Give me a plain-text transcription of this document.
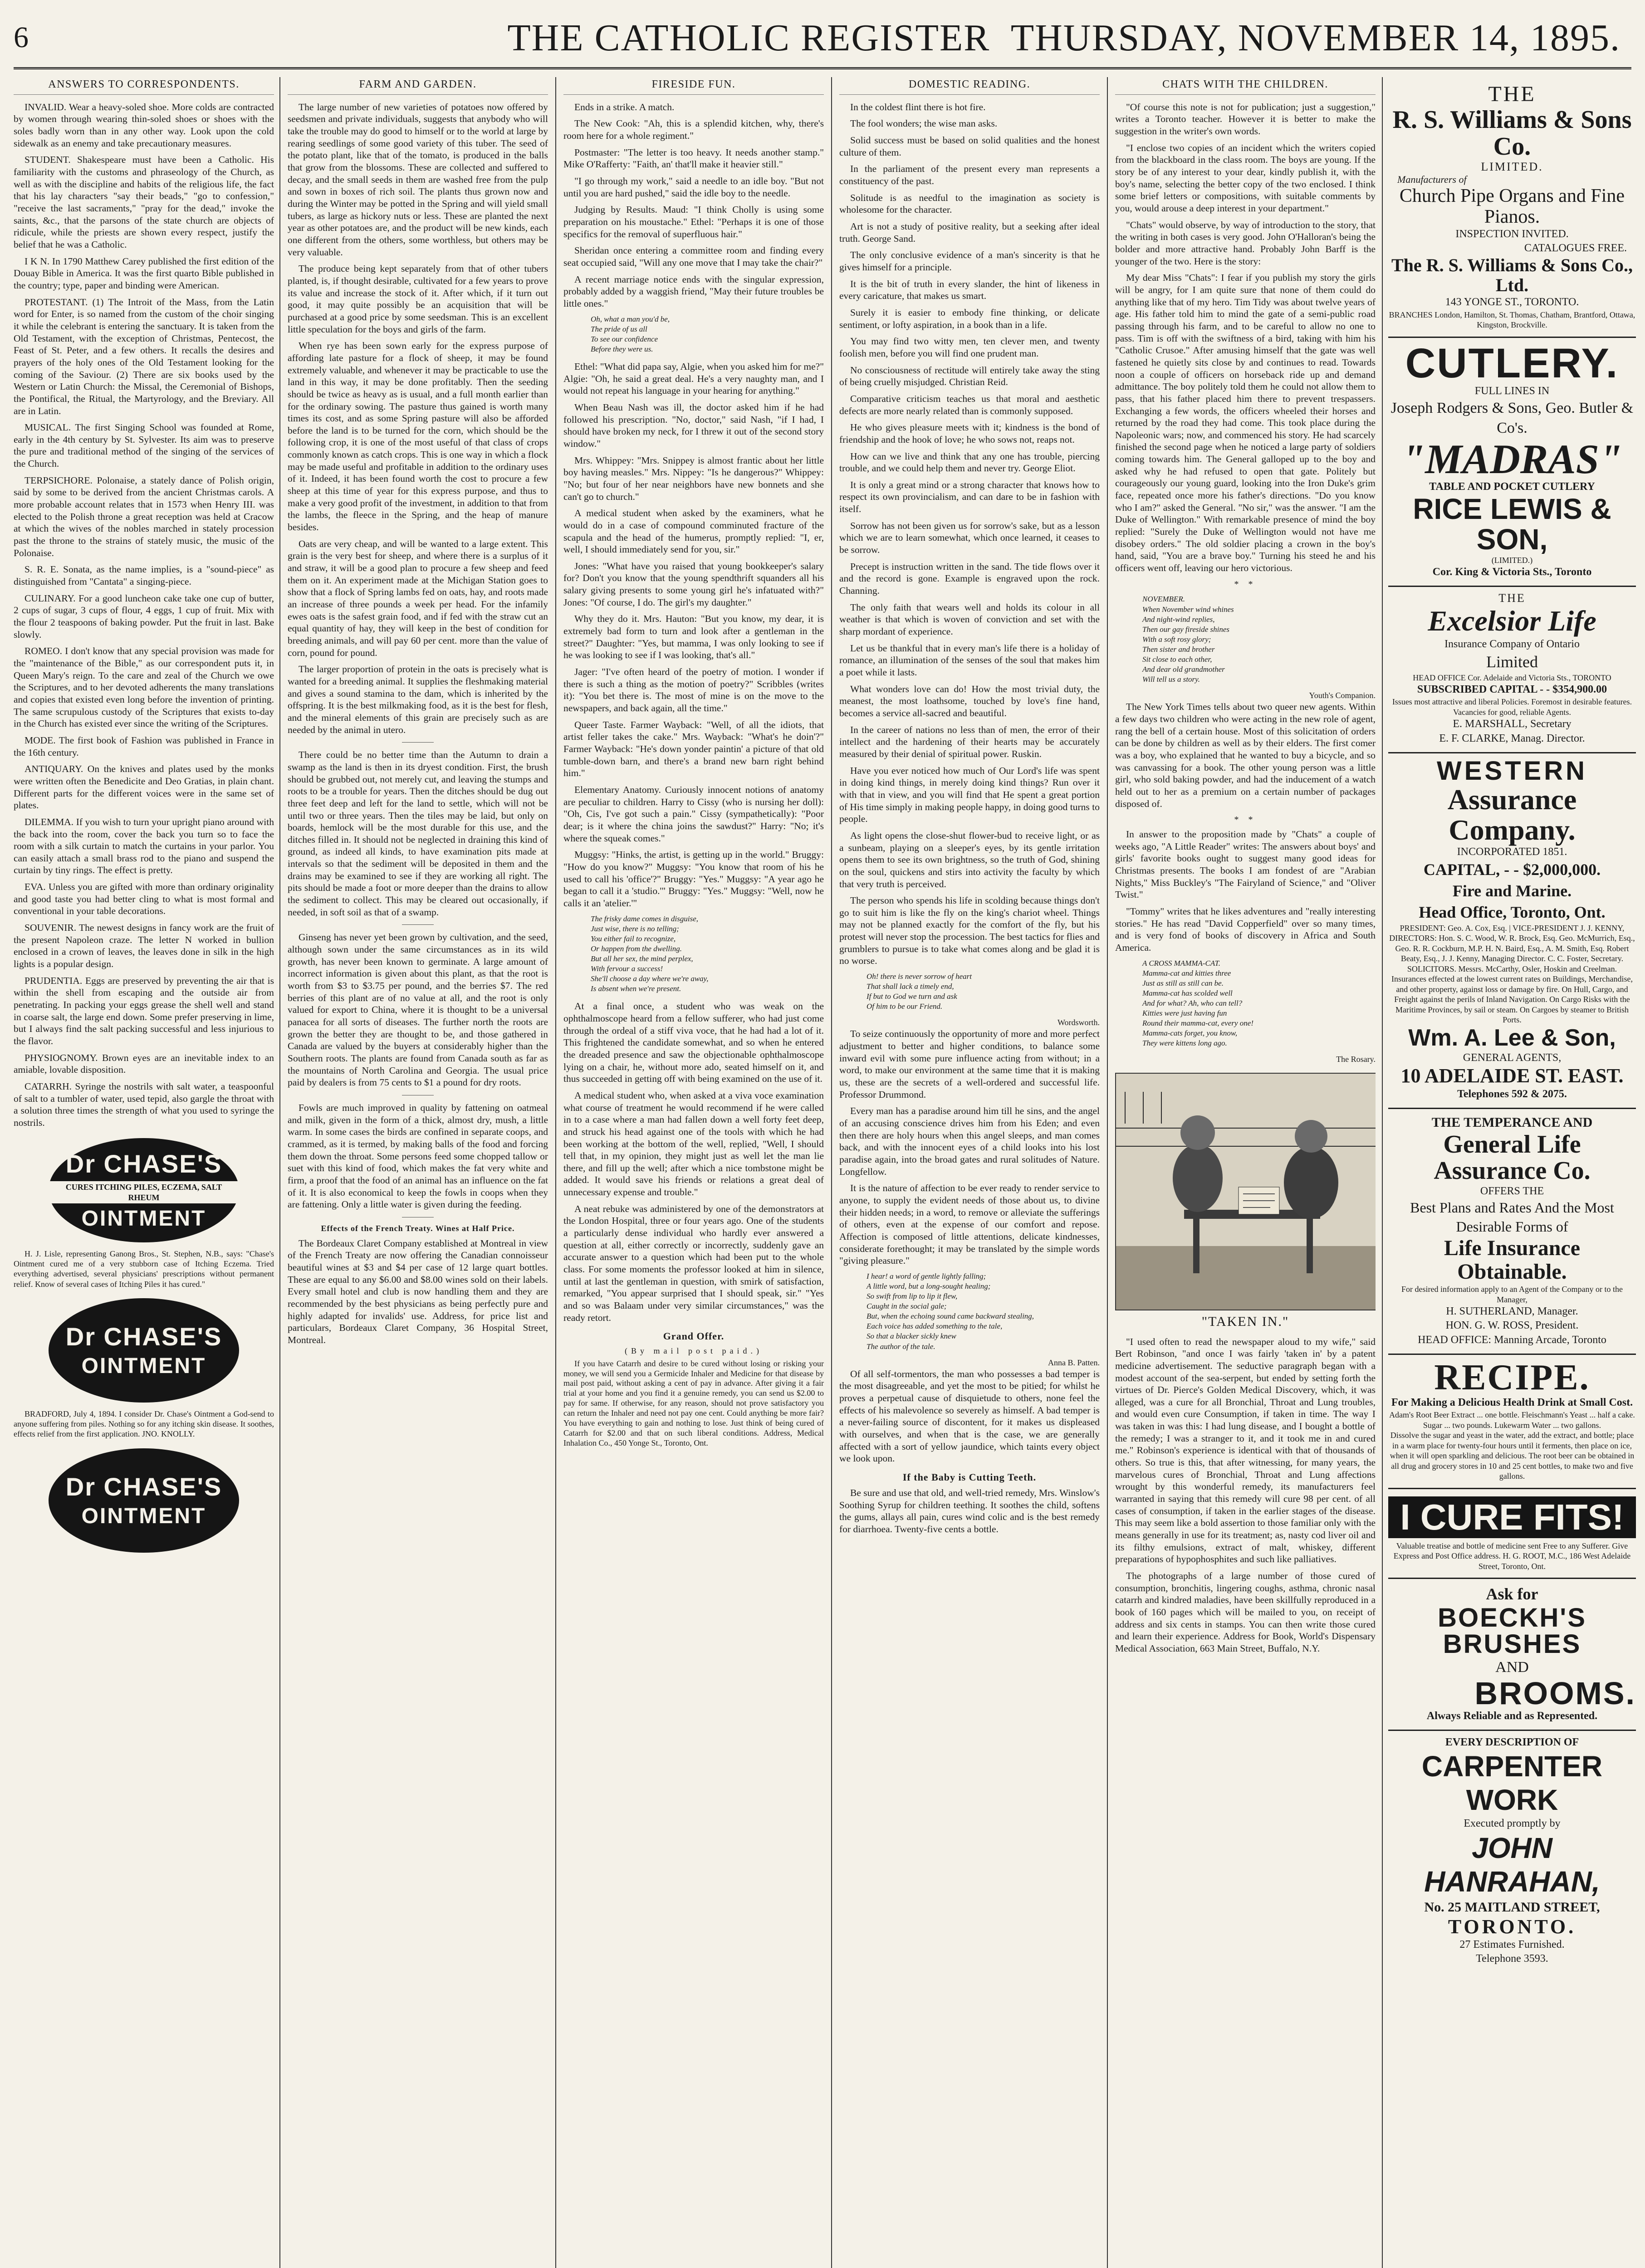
6	THE CATHOLIC REGISTER THURSDAY, NOVEMBER 14, 1895.
ANSWERS TO CORRESPONDENTS.

INVALID. Wear a heavy-soled shoe. More colds are contracted by women through wearing thin-soled shoes or shoes with the soles badly worn than in any other way. Look upon the cold sidewalk as an enemy and take precautionary measures.

STUDENT. Shakespeare must have been a Catholic. His familiarity with the customs and phraseology of the Church, as well as with the discipline and habits of the religious life, the fact that his lay characters "say their beads," "go to confession," "receive the last sacraments," "pray for the dead," invoke the saints, &c., that the parsons of the state church are objects of ridicule, while the priests are shown every respect, justify the belief that he was a Catholic.

I K N. In 1790 Matthew Carey published the first edition of the Douay Bible in America. It was the first quarto Bible published in the country; type, paper and binding were American.

PROTESTANT. (1) The Introit of the Mass, from the Latin word for Enter, is so named from the custom of the choir singing it while the celebrant is entering the sanctuary. It is taken from the Old Testament, with the exception of Christmas, Pentecost, the Feast of St. Peter, and a few others. It recalls the desires and prayers of the holy ones of the Old Testament looking for the coming of the Saviour. (2) There are six books used by the Western or Latin Church: the Missal, the Ceremonial of Bishops, the Pontifical, the Ritual, the Martyrology, and the Breviary. All are in Latin.

MUSICAL. The first Singing School was founded at Rome, early in the 4th century by St. Sylvester. Its aim was to preserve the pure and traditional method of the singing of the services of the Church.

TERPSICHORE. Polonaise, a stately dance of Polish origin, said by some to be derived from the ancient Christmas carols. A more probable account relates that in 1573 when Henry III. was elected to the Polish throne a great reception was held at Cracow at which the wives of the nobles marched in stately procession past the throne to the strains of stately music, the music of the Polonaise.

S. R. E. Sonata, as the name implies, is a "sound-piece" as distinguished from "Cantata" a singing-piece.

CULINARY. For a good luncheon cake take one cup of butter, 2 cups of sugar, 3 cups of flour, 4 eggs, 1 cup of fruit. Mix with the flour 2 teaspoons of baking powder. Put the fruit in last. Bake slowly.

ROMEO. I don't know that any special provision was made for the "maintenance of the Bible," as our correspondent puts it, in Queen Mary's reign. To the care and zeal of the Church we owe the Scriptures, and to her devoted adherents the many translations and copies that existed even long before the invention of printing. The same scrupulous custody of the Scriptures that exists to-day in the Church has existed ever since the writing of the Scriptures.

MODE. The first book of Fashion was published in France in the 16th century.

ANTIQUARY. On the knives and plates used by the monks were written often the Benedicite and Deo Gratias, in plain chant. Different parts for the different voices were in the same set of plates.

DILEMMA. If you wish to turn your upright piano around with the back into the room, cover the back you turn so to face the room with a silk curtain to match the curtains in your parlor. You can easily attach a small brass rod to the piano and suspend the curtain by tiny rings. The effect is pretty.

EVA. Unless you are gifted with more than ordinary originality and good taste you had better cling to what is most formal and conventional in your table decorations.

SOUVENIR. The newest designs in fancy work are the fruit of the present Napoleon craze. The letter N worked in bullion enclosed in a crown of leaves, the leaves done in silk in the high lights is a popular design.

PRUDENTIA. Eggs are preserved by preventing the air that is within the shell from escaping and the outside air from penetrating. In packing your eggs grease the shell well and stand in coarse salt, the large end down. Some prefer preserving in lime, but I always find the salt packing successful and less injurious to the flavor.

PHYSIOGNOMY. Brown eyes are an inevitable index to an amiable, lovable disposition.

CATARRH. Syringe the nostrils with salt water, a teaspoonful of salt to a tumbler of water, used tepid, also gargle the throat with a solution three times the strength of what you used to syringe the nostrils.

Dr CHASE'S
CURES ITCHING PILES, ECZEMA, SALT RHEUM
OINTMENT

H. J. Lisle, representing Ganong Bros., St. Stephen, N.B., says: "Chase's Ointment cured me of a very stubborn case of Itching Eczema. Tried everything advertised, several physicians' prescriptions without permanent relief. Know of several cases of Itching Piles it has cured."

Dr CHASE'S
OINTMENT

BRADFORD, July 4, 1894. I consider Dr. Chase's Ointment a God-send to anyone suffering from piles. Nothing so for any itching skin disease. It soothes, effects relief from the first application. JNO. KNOLLY.

Dr CHASE'S
OINTMENT
FARM AND GARDEN.

The large number of new varieties of potatoes now offered by seedsmen and private individuals, suggests that anybody who will take the trouble may do good to himself or to the world at large by rearing seedlings of some good variety of this tuber. The seed of the potato plant, like that of the tomato, is produced in the balls that grow from the blossoms. These are collected and suffered to decay, and the small seeds in them are washed free from the pulp and sown in boxes of rich soil. The plants thus grown now and during the Winter may be potted in the Spring and will yield small tubers, as large as hickory nuts or less. These are planted the next year as other potatoes are, and the product will be new kinds, each one different from the others, some worthless, but others may be very valuable.

The produce being kept separately from that of other tubers planted, is, if thought desirable, cultivated for a few years to prove its value and increase the stock of it. After which, if it turn out good, it may quite possibly be an acquisition that will be purchased at a good price by some seedsman. This is an excellent little speculation for the boys and girls of the farm.

When rye has been sown early for the express purpose of affording late pasture for a flock of sheep, it may be found extremely valuable, and whenever it may be practicable to use the land in this way, it may be done profitably. Then the seeding should be twice as heavy as is usual, and a full month earlier than for the ordinary sowing. The pasture thus gained is worth many times its cost, and as some Spring pasture will also be afforded before the land is to be turned for the corn, which should be the following crop, it is one of the most useful of that class of crops commonly known as catch crops. This is one way in which a flock may be made useful and profitable in addition to the ordinary uses of it. Indeed, it has been found worth the cost to procure a few sheep at this time of year for this express purpose, and thus to make a very good profit of the investment, in addition to that from the lambs, the fleece in the Spring, and the heap of manure besides.

Oats are very cheap, and will be wanted to a large extent. This grain is the very best for sheep, and where there is a surplus of it and straw, it will be a good plan to procure a few sheep and feed them on it. An experiment made at the Michigan Station goes to show that a flock of Spring lambs fed on oats, hay, and roots made an increase of three pounds a week per head. For the infamily ewes oats is the safest grain food, and if fed with the straw cut an equal quantity of hay, they will keep in the best of condition for breeding animals, and will pay 60 per cent. more than the value of corn, pound for pound.

The larger proportion of protein in the oats is precisely what is wanted for a breeding animal. It supplies the fleshmaking material and gives a sound stamina to the dam, which is inherited by the offspring. It is the best milkmaking food, as it is the best for flesh, and the mineral elements of this grain are precisely such as are needed by the animal in utero.

There could be no better time than the Autumn to drain a swamp as the land is then in its dryest condition. First, the brush should be grubbed out, not merely cut, and leaving the stumps and roots to be a trouble for years. Then the ditches should be dug out three feet deep and left for the land to settle, which will not be until two or three years. Then the tiles may be laid, but only on boards, hemlock will be the most durable for this use, and the ditches filled in. It should not be neglected in draining this kind of ground, as indeed all kinds, to have examination pits made at intervals so that the sediment will be deposited in them and the drains may be examined to see if they are working all right. The pits should be made a foot or more deeper than the drains to allow the sediment to collect. This may be cleared out occasionally, if needed, in soft soil as that of a swamp.

Ginseng has never yet been grown by cultivation, and the seed, although sown under the same circumstances as in its wild growth, has never been known to germinate. A large amount of incorrect information is given about this plant, as that the root is worth from $3 to $3.75 per pound, and the berries $7. The red berries of this plant are of no value at all, and the root is only valued for export to China, where it is thought to be a universal panacea for all sorts of diseases. The further north the roots are grown the better they are thought to be, and those gathered in Canada are valued by the buyers at considerably higher than the Southern roots. The plants are found from Canada south as far as the mountains of North Carolina and Georgia. The usual price paid by dealers is from 75 cents to $1 a pound for dry roots.

Fowls are much improved in quality by fattening on oatmeal and milk, given in the form of a thick, almost dry, mush, a little warm. In some cases the birds are confined in separate coops, and crammed, as it is termed, by making balls of the food and forcing them down the throat. Some persons feed some chopped tallow or suet with this kind of food, which makes the fat very white and firm, a proof that the food of an animal has an influence on the fat of it. It is also economical to keep the fowls in coops when they are fattening. Only a little water is given during the feeding.

Effects of the French Treaty. Wines at Half Price.

The Bordeaux Claret Company established at Montreal in view of the French Treaty are now offering the Canadian connoisseur beautiful wines at $3 and $4 per case of 12 large quart bottles. These are equal to any $6.00 and $8.00 wines sold on their labels. Every small hotel and club is now handling them and they are recommended by the best physicians as being perfectly pure and highly adapted for invalids' use. Address, for price list and particulars, Bordeaux Claret Company, 36 Hospital Street, Montreal.

FIRESIDE FUN.

Ends in a strike. A match.

The New Cook: "Ah, this is a splendid kitchen, why, there's room here for a whole regiment."

Postmaster: "The letter is too heavy. It needs another stamp." Mike O'Rafferty: "Faith, an' that'll make it heavier still."

"I go through my work," said a needle to an idle boy. "But not until you are hard pushed," said the idle boy to the needle.

Judging by Results. Maud: "I think Cholly is using some preparation on his moustache." Ethel: "Perhaps it is one of those specifics for the removal of superfluous hair."

Sheridan once entering a committee room and finding every seat occupied said, "Will any one move that I may take the chair?"

A recent marriage notice ends with the singular expression, probably added by a waggish friend, "May their future troubles be little ones."

Oh, what a man you'd be,
The pride of us all
To see our confidence
Before they were us.

Ethel: "What did papa say, Algie, when you asked him for me?" Algie: "Oh, he said a great deal. He's a very naughty man, and I would not repeat his language in your hearing for anything."

When Beau Nash was ill, the doctor asked him if he had followed his prescription. "No, doctor," said Nash, "if I had, I should have broken my neck, for I threw it out of the second story window."

Mrs. Whippey: "Mrs. Snippey is almost frantic about her little boy having measles." Mrs. Nippey: "Is he dangerous?" Whippey: "No; but four of her near neighbors have new bonnets and she can't go to church."

A medical student when asked by the examiners, what he would do in a case of compound comminuted fracture of the scapula and the head of the humerus, promptly replied: "I, er, well, I should immediately send for you, sir."

Jones: "What have you raised that young bookkeeper's salary for? Don't you know that the young spendthrift squanders all his salary giving presents to some young girl he's infatuated with?" Jones: "Of course, I do. The girl's my daughter."

Why they do it. Mrs. Hauton: "But you know, my dear, it is extremely bad form to turn and look after a gentleman in the street?" Daughter: "Yes, but mamma, I was only looking to see if he was looking to see if I was looking, that's all."

Jager: "I've often heard of the poetry of motion. I wonder if there is such a thing as the motion of poetry?" Scribbles (writes it): "You bet there is. The most of mine is on the move to the newspapers, and back again, all the time."

Queer Taste. Farmer Wayback: "Well, of all the idiots, that artist feller takes the cake." Mrs. Wayback: "What's he doin'?" Farmer Wayback: "He's down yonder paintin' a picture of that old tumble-down barn, and there's a brand new barn right behind him."

Elementary Anatomy. Curiously innocent notions of anatomy are peculiar to children. Harry to Cissy (who is nursing her doll): "Oh, Cis, I've got such a pain." Cissy (sympathetically): "Poor dear; is it where the china joins the sawdust?" Harry: "No; it's where the squeak comes."

Muggsy: "Hinks, the artist, is getting up in the world." Bruggy: "How do you know?" Muggsy: "You know that room of his he used to call his 'office'?" Bruggy: "Yes." Muggsy: "A year ago he began to call it a 'studio.'" Bruggy: "Yes." Muggsy: "Well, now he calls it an 'atelier.'"

The frisky dame comes in disguise,
Just wise, there is no telling;
You either fail to recognize,
Or happen from the dwelling.
But all her sex, the mind perplex,
With fervour a success!
She'll choose a day where we're away,
Is absent when we're present.

At a final once, a student who was weak on the ophthalmoscope heard from a fellow sufferer, who had just come through the ordeal of a stiff viva voce, that he had had a lot of it. This frightened the candidate somewhat, and so when he entered the dreaded presence and saw the objectionable ophthalmoscope lying on a chair, he, without more ado, seated himself on it, and thus succeeded in getting off with being examined on the use of it.

A medical student who, when asked at a viva voce examination what course of treatment he would recommend if he were called in to a case where a man had fallen down a well forty feet deep, and struck his head against one of the tools with which he had been working at the bottom of the well, replied, "Well, I should tell that, in my opinion, they might just as well let the man lie there, and fill up the well; after which a nice tombstone might be added. It would save his friends or relations a great deal of unnecessary expense and trouble."

A neat rebuke was administered by one of the demonstrators at the London Hospital, three or four years ago. One of the students a particularly dense individual who hardly ever answered a question at all, either correctly or incorrectly, suddenly gave an accurate answer to a question which had been put to the whole class. For some moments the professor looked at him in silence, until at last the gentleman in question, with smirk of satisfaction, remarked, "You appear surprised that I should speak, sir." "Yes and so was Balaam under very similar circumstances," was the ready retort.

Grand Offer.
(By mail post paid.)

If you have Catarrh and desire to be cured without losing or risking your money, we will send you a Germicide Inhaler and Medicine for that disease by mail post paid, without asking a cent of pay in advance. After giving it a fair trial at your home and you find it a genuine remedy, you can send us $2.00 to pay for same. If otherwise, for any reason, should not prove satisfactory you can return the Inhaler and need not pay one cent. Could anything be more fair? You have everything to gain and nothing to lose. Just think of being cured of Catarrh for $2.00 and that on such liberal conditions. Address, Medical Inhalation Co., 450 Yonge St., Toronto, Ont.

DOMESTIC READING.

In the coldest flint there is hot fire.

The fool wonders; the wise man asks.

Solid success must be based on solid qualities and the honest culture of them.

In the parliament of the present every man represents a constituency of the past.

Solitude is as needful to the imagination as society is wholesome for the character.

Art is not a study of positive reality, but a seeking after ideal truth. George Sand.

The only conclusive evidence of a man's sincerity is that he gives himself for a principle.

It is the bit of truth in every slander, the hint of likeness in every caricature, that makes us smart.

Surely it is easier to embody fine thinking, or delicate sentiment, or lofty aspiration, in a book than in a life.

You may find two witty men, ten clever men, and twenty foolish men, before you will find one prudent man.

No consciousness of rectitude will entirely take away the sting of being cruelly misjudged. Christian Reid.

Comparative criticism teaches us that moral and aesthetic defects are more nearly related than is commonly supposed.

He who gives pleasure meets with it; kindness is the bond of friendship and the hook of love; he who sows not, reaps not.

How can we live and think that any one has trouble, piercing trouble, and we could help them and never try. George Eliot.

It is only a great mind or a strong character that knows how to respect its own provincialism, and can dare to be in fashion with itself.

Sorrow has not been given us for sorrow's sake, but as a lesson which we are to learn somewhat, which once learned, it ceases to be sorrow.

Precept is instruction written in the sand. The tide flows over it and the record is gone. Example is engraved upon the rock. Channing.

The only faith that wears well and holds its colour in all weather is that which is woven of conviction and set with the sharp mordant of experience.

Let us be thankful that in every man's life there is a holiday of romance, an illumination of the senses of the soul that makes him a poet while it lasts.

What wonders love can do! How the most trivial duty, the meanest, the most loathsome, touched by love's fine hand, becomes a service all-sacred and beautiful.

In the career of nations no less than of men, the error of their intellect and the hardening of their hearts may be accurately measured by their denial of spiritual power. Ruskin.

Have you ever noticed how much of Our Lord's life was spent in doing kind things, in merely doing kind things? Run over it with that in view, and you will find that He spent a great portion of His time simply in making people happy, in doing good turns to people.

As light opens the close-shut flower-bud to receive light, or as a sunbeam, playing on a sleeper's eyes, by its gentle irritation opens them to see its own brightness, so the truth of God, shining on the soul, quickens and stirs into activity the faculty by which that very truth is perceived.

The person who spends his life in scolding because things don't go to suit him is like the fly on the king's chariot wheel. Things may not be planned exactly for the comfort of the fly, but his protest will never stop the procession. The best tactics for flies and grumblers to pursue is to take what comes along and be glad it is no worse.

Oh! there is never sorrow of heart
That shall lack a timely end,
If but to God we turn and ask
Of him to be our Friend.
Wordsworth.

To seize continuously the opportunity of more and more perfect adjustment to better and higher conditions, to balance some inward evil with some pure influence acting from without; in a word, to make our environment at the same time that it is making us, these are the secrets of a well-ordered and successful life. Professor Drummond.

Every man has a paradise around him till he sins, and the angel of an accusing conscience drives him from his Eden; and even then there are holy hours when this angel sleeps, and man comes back, and with the innocent eyes of a child looks into his lost paradise again, into the broad gates and rural solitudes of Nature. Longfellow.

It is the nature of affection to be ever ready to render service to anyone, to supply the evident needs of those about us, to divine their hidden needs; in a word, to remove or alleviate the sufferings of others, even at the expense of our comfort and repose. Affection is composed of little attentions, delicate kindnesses, considerate forethought; it may be translated by the simple words "giving pleasure."

I hear! a word of gentle lightly falling;
A little word, but a long-sought healing;
So swift from lip to lip it flew,
Caught in the social gale;
But, when the echoing sound came backward stealing,
Each voice has added something to the tale,
So that a blacker sickly knew
The author of the tale.
Anna B. Patten.

Of all self-tormentors, the man who possesses a bad temper is the most disagreeable, and yet the most to be pitied; for whilst he proves a perpetual cause of disquietude to others, none feel the effects of his malevolence so severely as himself. A bad temper is a never-failing source of discontent, for it makes us displeased with ourselves, and when that is the case, we are generally affected with a sort of yellow jaundice, which taints every object we look upon.

If the Baby is Cutting Teeth.

Be sure and use that old, and well-tried remedy, Mrs. Winslow's Soothing Syrup for children teething. It soothes the child, softens the gums, allays all pain, cures wind colic and is the best remedy for diarrhoea. Twenty-five cents a bottle.

CHATS WITH THE CHILDREN.

"Of course this note is not for publication; just a suggestion," writes a Toronto teacher. However it is better to make the suggestion in the writer's own words.

"I enclose two copies of an incident which the writers copied from the blackboard in the class room. The boys are young. If the story be of any interest to your dear, kindly publish it, with the boy's name, selecting the better copy of the two enclosed. I think some brief letters or compositions, with suitable comments by you, would arouse a deep interest in your department."

"Chats" would observe, by way of introduction to the story, that the writing in both cases is very good. John O'Halloran's being the bolder and more attractive hand. Probably John Barff is the younger of the two. Here is the story:

My dear Miss "Chats": I fear if you publish my story the girls will be angry, for I am quite sure that none of them could do anything like that of my hero. Tim Tidy was about twelve years of age. His father told him to mind the gate of a semi-public road passing through his farm, and to be careful to allow no one to pass. Tim is off with the swiftness of a bird, taking with him his "Catholic Crusoe." After amusing himself that the gate was well fastened he quietly sits close by and continues to read. Towards noon a couple of officers on horseback ride up and demand admittance. The boy politely told them he could not allow them to pass, that his father placed him there to prevent trespassers. Exchanging a few words, the officers wheeled their horses and returned by the road they had come. This took place during the Napoleonic wars; now, and commenced his story. He had scarcely finished the second page when he noticed a large party of soldiers coming towards him. The General galloped up to the boy and asked why he had refused to open that gate. Politely but courageously our young guard, looking into the Iron Duke's grim face, repeated once more his father's directions. "Do you know who I am?" asked the General. "No sir," was the answer. "I am the Duke of Wellington." With remarkable presence of mind the boy replied: "Surely the Duke of Wellington would not have me disobey orders." The old soldier placing a crown in the boy's hand, said, "You are a brave boy." Turning his steed he and his officers went off, leaving our hero victorious.

* *
NOVEMBER.
When November wind whines
And night-wind replies,
Then our gay fireside shines
With a soft rosy glory;
Then sister and brother
Sit close to each other,
And dear old grandmother
Will tell us a story.
Youth's Companion.

The New York Times tells about two queer new agents. Within a few days two children who were acting in the new role of agent, rang the bell of a certain house. Most of this solicitation of orders can be done by children as well as by their elders. The first comer was a boy, who explained that he wanted to buy a bicycle, and so was canvassing for a book. The other young person was a little girl, who sold baking powder, and had the inducement of a watch held out to her as a premium on a certain number of packages disposed of.

* *

In answer to the proposition made by "Chats" a couple of weeks ago, "A Little Reader" writes: The answers about boys' and girls' favorite books ought to suggest many good ideas for Christmas presents. The books I am fondest of are "Arabian Nights," Miss Buckley's "The Fairyland of Science," and "Oliver Twist."

"Tommy" writes that he likes adventures and "really interesting stories." He has read "David Copperfield" over so many times, and is very fond of books of discovery in Africa and South America.

A CROSS MAMMA-CAT.
Mamma-cat and kitties three
Just as still as still can be.
Mamma-cat has scolded well
And for what? Ah, who can tell?
Kitties were just having fun
Round their mamma-cat, every one!
Mamma-cats forget, you know,
They were kittens long ago.
The Rosary.
"TAKEN IN."

"I used often to read the newspaper aloud to my wife," said Bert Robinson, "and once I was fairly 'taken in' by a patent medicine advertisement. The seductive paragraph began with a modest account of the sea-serpent, but ended by setting forth the virtues of Dr. Pierce's Golden Medical Discovery, which, it was alleged, was a cure for all Bronchial, Throat and Lung troubles, and would even cure Consumption, if taken in time. The way I was taken in was this: I had lung disease, and I bought a bottle of the remedy; I was a stranger to it, and it took me in and cured me." Robinson's experience is identical with that of thousands of others. So true is this, that after witnessing, for many years, the marvelous cures of Bronchial, Throat and Lung affections wrought by this wonderful remedy, its manufacturers feel warranted in saying that this remedy will cure 98 per cent. of all cases of consumption, if taken in the earlier stages of the disease. This may seem like a bold assertion to those familiar only with the means generally in use for its treatment; as, nasty cod liver oil and its filthy emulsions, extract of malt, whiskey, different preparations of hypophosphites and such like palliatives.

The photographs of a large number of those cured of consumption, bronchitis, lingering coughs, asthma, chronic nasal catarrh and kindred maladies, have been skillfully reproduced in a book of 160 pages which will be mailed to you, on receipt of address and six cents in stamps. You can then write those cured and learn their experience. Address for Book, World's Dispensary Medical Association, 663 Main Street, Buffalo, N.Y.

THE
R. S. Williams & Sons Co.
LIMITED.
Manufacturers of
Church Pipe Organs and Fine Pianos.
INSPECTION INVITED.
CATALOGUES FREE.
The R. S. Williams & Sons Co., Ltd.
143 YONGE ST., TORONTO.
BRANCHES London, Hamilton, St. Thomas, Chatham, Brantford, Ottawa, Kingston, Brockville.
CUTLERY.
FULL LINES IN
Joseph Rodgers & Sons, Geo. Butler & Co's.
"MADRAS"
TABLE AND POCKET CUTLERY
RICE LEWIS & SON,
(LIMITED.)
Cor. King & Victoria Sts., Toronto
THE
Excelsior Life
Insurance Company of Ontario
Limited
HEAD OFFICE Cor. Adelaide and Victoria Sts., TORONTO
SUBSCRIBED CAPITAL - - $354,900.00
Issues most attractive and liberal Policies. Foremost in desirable features. Vacancies for good, reliable Agents.
E. MARSHALL, Secretary
E. F. CLARKE, Manag. Director.
WESTERN
Assurance Company.
INCORPORATED 1851.
CAPITAL, - - $2,000,000.
Fire and Marine.
Head Office, Toronto, Ont.
PRESIDENT: Geo. A. Cox, Esq. | VICE-PRESIDENT J. J. KENNY,
DIRECTORS: Hon. S. C. Wood, W. R. Brock, Esq. Geo. McMurrich, Esq., Geo. R. R. Cockburn, M.P. H. N. Baird, Esq., A. M. Smith, Esq. Robert Beaty, Esq., J. J. Kenny, Managing Director. C. C. Foster, Secretary.
SOLICITORS. Messrs. McCarthy, Osler, Hoskin and Creelman.
Insurances effected at the lowest current rates on Buildings, Merchandise, and other property, against loss or damage by fire. On Hull, Cargo, and Freight against the perils of Inland Navigation. On Cargo Risks with the Maritime Provinces, by sail or steam. On Cargoes by steamer to British Ports.
Wm. A. Lee & Son,
GENERAL AGENTS,
10 ADELAIDE ST. EAST.
Telephones 592 & 2075.
THE TEMPERANCE AND
General Life Assurance Co.
OFFERS THE
Best Plans and Rates And the Most Desirable Forms of
Life Insurance Obtainable.
For desired information apply to an Agent of the Company or to the Manager,
H. SUTHERLAND, Manager.
HON. G. W. ROSS, President.
HEAD OFFICE: Manning Arcade, Toronto
RECIPE.
For Making a Delicious Health Drink at Small Cost.
Adam's Root Beer Extract ... one bottle. Fleischmann's Yeast ... half a cake. Sugar ... two pounds. Lukewarm Water ... two gallons.
Dissolve the sugar and yeast in the water, add the extract, and bottle; place in a warm place for twenty-four hours until it ferments, then place on ice, when it will open sparkling and delicious. The root beer can be obtained in all drug and grocery stores in 10 and 25 cent bottles, to make two and five gallons.
I CURE FITS!
Valuable treatise and bottle of medicine sent Free to any Sufferer. Give Express and Post Office address. H. G. ROOT, M.C., 186 West Adelaide Street, Toronto, Ont.
Ask for
BOECKH'S BRUSHES
AND
BROOMS.
Always Reliable and as Represented.
EVERY DESCRIPTION OF
CARPENTER WORK
Executed promptly by
JOHN HANRAHAN,
No. 25 MAITLAND STREET,
TORONTO.
27 Estimates Furnished.
Telephone 3593.
